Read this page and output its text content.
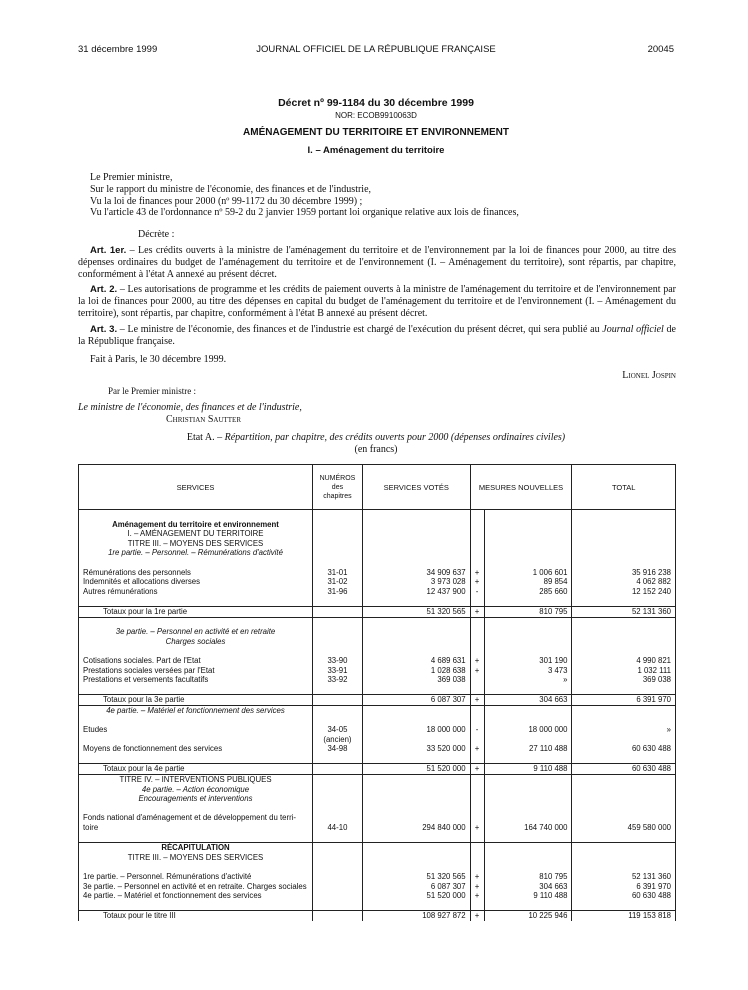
31 décembre 1999	JOURNAL OFFICIEL DE LA RÉPUBLIQUE FRANÇAISE	20045
Décret nº 99-1184 du 30 décembre 1999
NOR: ECOB9910063D
AMÉNAGEMENT DU TERRITOIRE ET ENVIRONNEMENT
I. – Aménagement du territoire

Le Premier ministre,

Sur le rapport du ministre de l'économie, des finances et de l'industrie,

Vu la loi de finances pour 2000 (nº 99-1172 du 30 décembre 1999) ;

Vu l'article 43 de l'ordonnance nº 59-2 du 2 janvier 1959 portant loi organique relative aux lois de finances,

Décrète :

Art. 1er. – Les crédits ouverts à la ministre de l'aménagement du territoire et de l'environnement par la loi de finances pour 2000, au titre des dépenses ordinaires du budget de l'aménagement du territoire et de l'environnement (I. – Aménagement du territoire), sont répartis, par chapitre, conformément à l'état A annexé au présent décret.

Art. 2. – Les autorisations de programme et les crédits de paiement ouverts à la ministre de l'aménagement du territoire et de l'environnement par la loi de finances pour 2000, au titre des dépenses en capital du budget de l'aménagement du territoire et de l'environnement (I. – Aménagement du territoire), sont répartis, par chapitre, conformément à l'état B annexé au présent décret.

Art. 3. – Le ministre de l'économie, des finances et de l'industrie est chargé de l'exécution du présent décret, qui sera publié au Journal officiel de la République française.

Fait à Paris, le 30 décembre 1999.

Lionel Jospin

Par le Premier ministre :

Le ministre de l'économie, des finances et de l'industrie,

Christian Sautter

Etat A. – Répartition, par chapitre, des crédits ouverts pour 2000 (dépenses ordinaires civiles)
(en francs)
SERVICES	NUMÉROS des chapitres	SERVICES VOTÉS	MESURES NOUVELLES		TOTAL

Aménagement du territoire et environnement					
I. – AMÉNAGEMENT DU TERRITOIRE					
TITRE III. – MOYENS DES SERVICES					
1re partie. – Personnel. – Rémunérations d'activité					

Rémunérations des personnels	31-01	34 909 637	+	1 006 601	35 916 238
Indemnités et allocations diverses	31-02	3 973 028	+	89 854	4 062 882
Autres rémunérations	31-96	12 437 900	-	285 660	12 152 240

Totaux pour la 1re partie		51 320 565	+	810 795	52 131 360

3e partie. – Personnel en activité et en retraite					
Charges sociales					

Cotisations sociales. Part de l'Etat	33-90	4 689 631	+	301 190	4 990 821
Prestations sociales versées par l'Etat	33-91	1 028 638	+	3 473	1 032 111
Prestations et versements facultatifs	33-92	369 038		»	369 038

Totaux pour la 3e partie		6 087 307	+	304 663	6 391 970
4e partie. – Matériel et fonctionnement des services					

Etudes	34-05	18 000 000	-	18 000 000	»
	(ancien)				
Moyens de fonctionnement des services	34-98	33 520 000	+	27 110 488	60 630 488

Totaux pour la 4e partie		51 520 000	+	9 110 488	60 630 488
TITRE IV. – INTERVENTIONS PUBLIQUES					
4e partie. – Action économique					
Encouragements et interventions					

Fonds national d'aménagement et de développement du terri-					
toire	44-10	294 840 000	+	164 740 000	459 580 000

RÉCAPITULATION					
TITRE III. – MOYENS DES SERVICES					

1re partie. – Personnel. Rémunérations d'activité		51 320 565	+	810 795	52 131 360
3e partie. – Personnel en activité et en retraite. Charges sociales		6 087 307	+	304 663	6 391 970
4e partie. – Matériel et fonctionnement des services		51 520 000	+	9 110 488	60 630 488

Totaux pour le titre III		108 927 872	+	10 225 946	119 153 818
